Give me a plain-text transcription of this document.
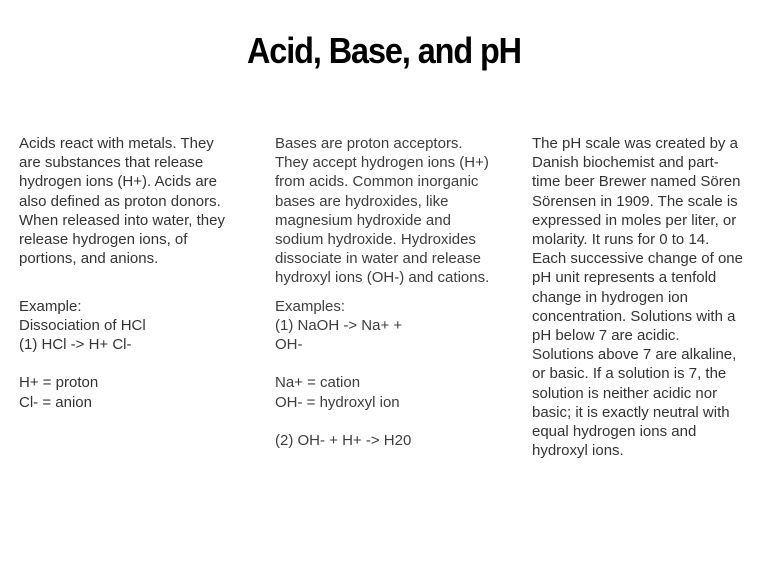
Acid, Base, and pH

Acids react with metals. They

are substances that release

hydrogen ions (H+). Acids are

also defined as proton donors.

When released into water, they

release hydrogen ions, of

portions, and anions.

Example:

Dissociation of HCl

(1) HCl -> H+ Cl-

H+ = proton

Cl- = anion

Bases are proton acceptors.

They accept hydrogen ions (H+)

from acids. Common inorganic

bases are hydroxides, like

magnesium hydroxide and

sodium hydroxide. Hydroxides

dissociate in water and release

hydroxyl ions (OH-) and cations.

Examples:

(1) NaOH -> Na+ +

OH-

Na+ = cation

OH- = hydroxyl ion

(2) OH- + H+ -> H20

The pH scale was created by a

Danish biochemist and part-

time beer Brewer named Sören

Sörensen in 1909. The scale is

expressed in moles per liter, or

molarity. It runs for 0 to 14.

Each successive change of one

pH unit represents a tenfold

change in hydrogen ion

concentration. Solutions with a

pH below 7 are acidic.

Solutions above 7 are alkaline,

or basic. If a solution is 7, the

solution is neither acidic nor

basic; it is exactly neutral with

equal hydrogen ions and

hydroxyl ions.
